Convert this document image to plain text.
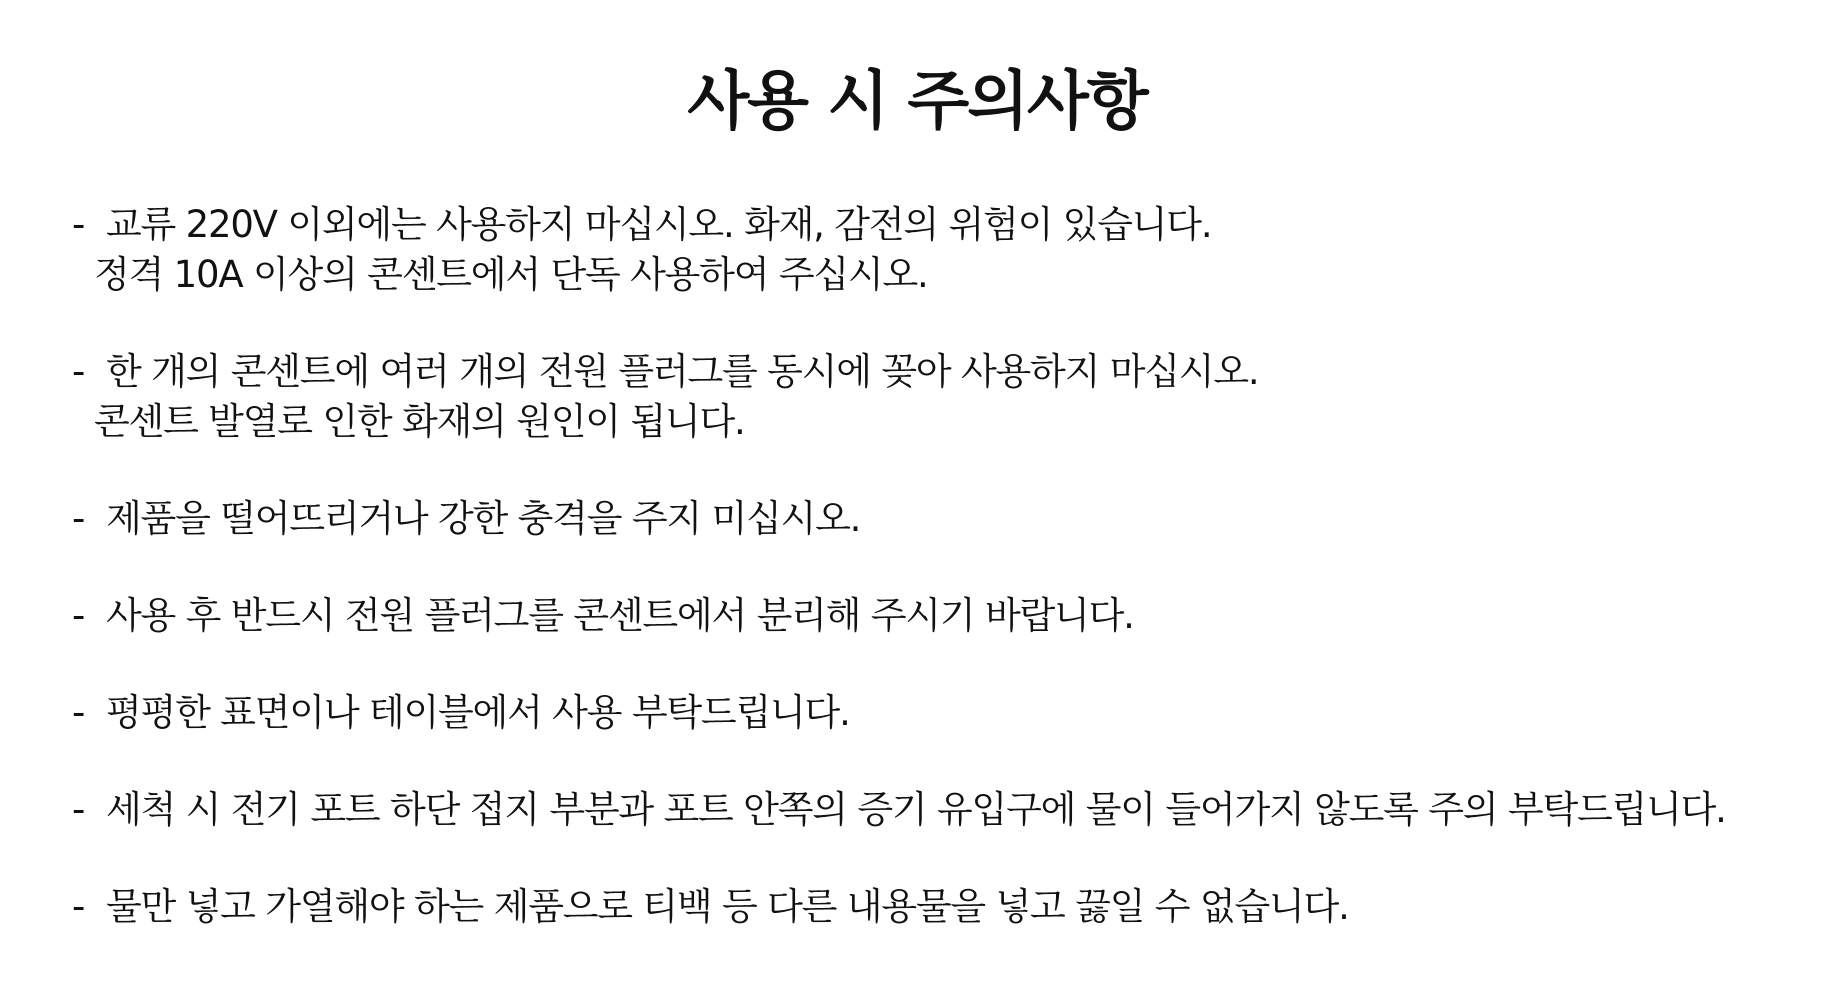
사용 시 주의사항
- 교류 220V 이외에는 사용하지 마십시오. 화재, 감전의 위험이 있습니다.
정격 10A 이상의 콘센트에서 단독 사용하여 주십시오.
- 한 개의 콘센트에 여러 개의 전원 플러그를 동시에 꽂아 사용하지 마십시오.
콘센트 발열로 인한 화재의 원인이 됩니다.
- 제품을 떨어뜨리거나 강한 충격을 주지 미십시오.
- 사용 후 반드시 전원 플러그를 콘센트에서 분리해 주시기 바랍니다.
- 평평한 표면이나 테이블에서 사용 부탁드립니다.
- 세척 시 전기 포트 하단 접지 부분과 포트 안쪽의 증기 유입구에 물이 들어가지 않도록 주의 부탁드립니다.
- 물만 넣고 가열해야 하는 제품으로 티백 등 다른 내용물을 넣고 끓일 수 없습니다.
